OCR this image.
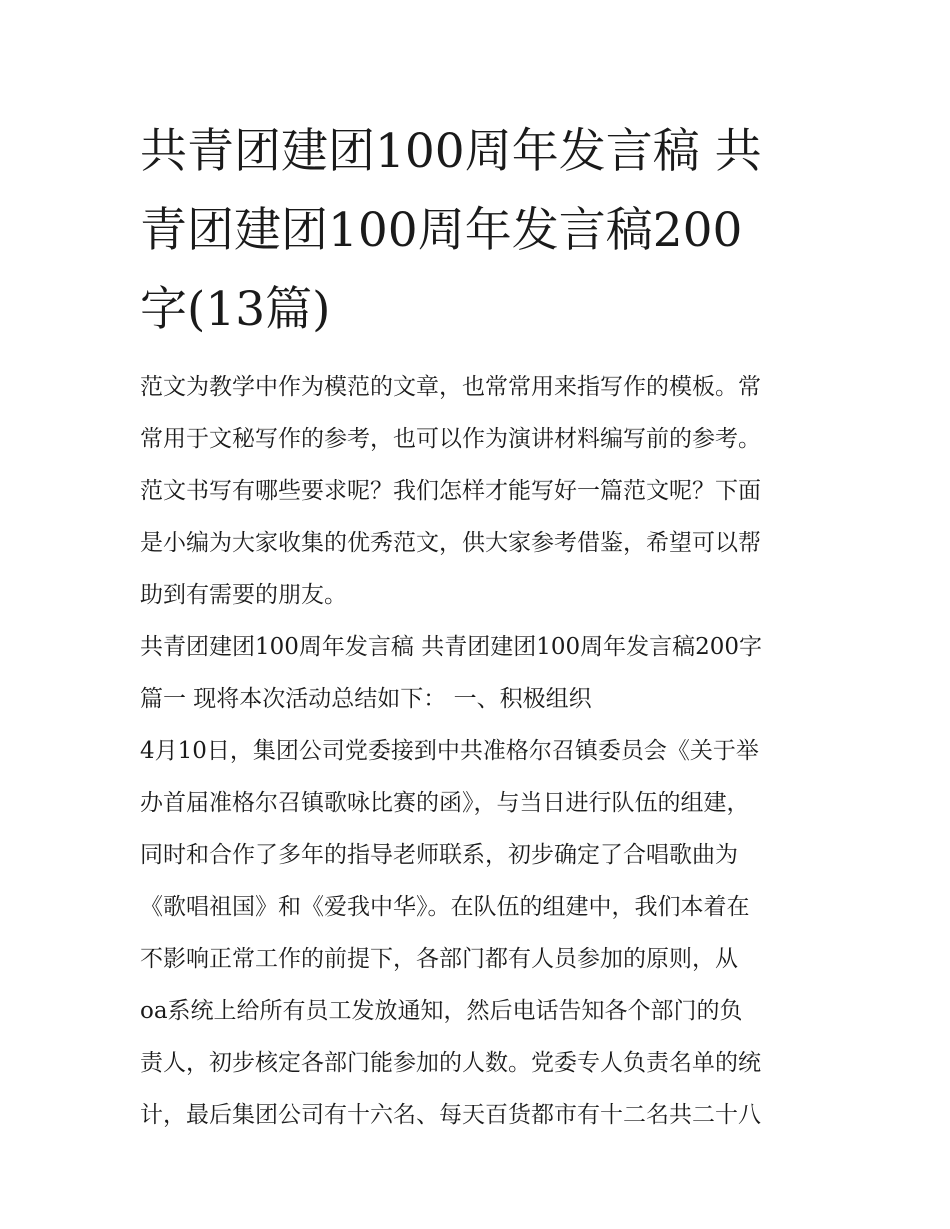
共青团建团100周年发言稿 共
青团建团100周年发言稿200
字(13篇)

范文为教学中作为模范的文章，也常常用来指写作的模板。常
常用于文秘写作的参考，也可以作为演讲材料编写前的参考。
范文书写有哪些要求呢？我们怎样才能写好一篇范文呢？下面
是小编为大家收集的优秀范文，供大家参考借鉴，希望可以帮
助到有需要的朋友。

共青团建团100周年发言稿 共青团建团100周年发言稿200字
篇一 现将本次活动总结如下： 一、积极组织

4月10日，集团公司党委接到中共准格尔召镇委员会《关于举
办首届准格尔召镇歌咏比赛的函》，与当日进行队伍的组建，
同时和合作了多年的指导老师联系，初步确定了合唱歌曲为
《歌唱祖国》和《爱我中华》。在队伍的组建中，我们本着在
不影响正常工作的前提下，各部门都有人员参加的原则，从
oa系统上给所有员工发放通知，然后电话告知各个部门的负
责人，初步核定各部门能参加的人数。党委专人负责名单的统
计，最后集团公司有十六名、每天百货都市有十二名共二十八
